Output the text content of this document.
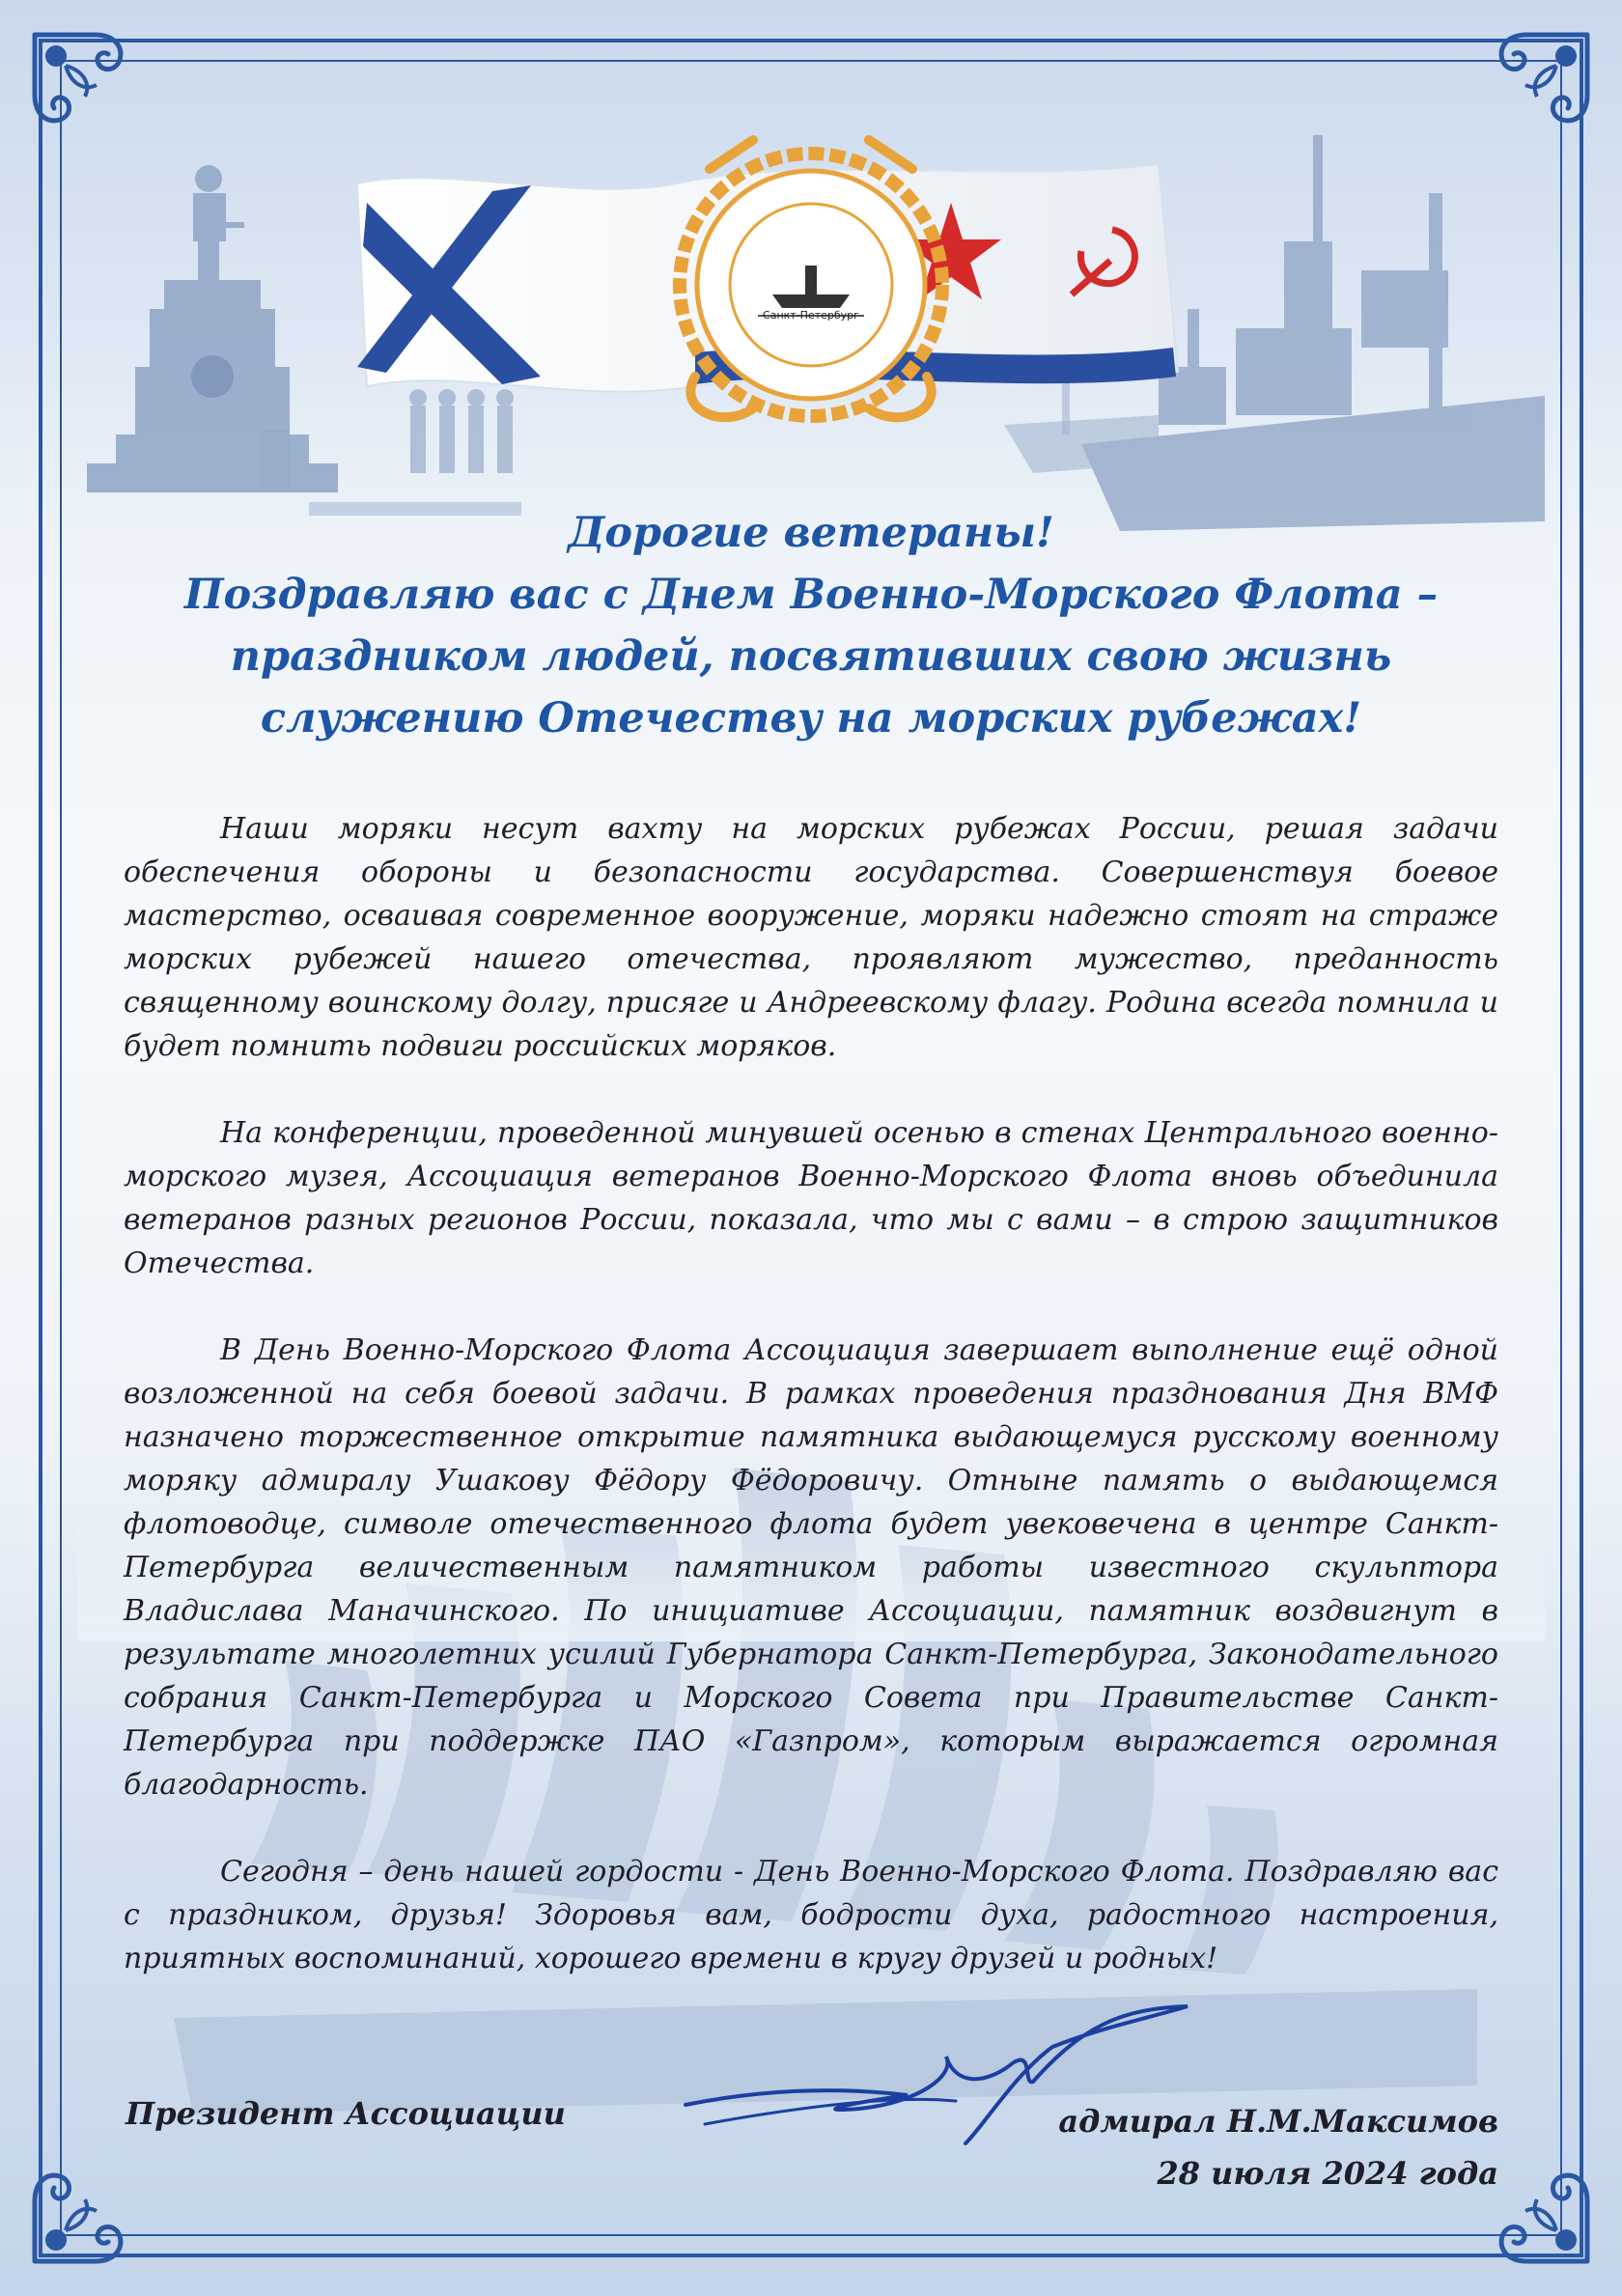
Санкт-Петербург
Дорогие ветераны!
Поздравляю вас с Днем Военно-Морского Флота –
праздником людей, посвятивших свою жизнь
служению Отечеству на морских рубежах!

Наши моряки несут вахту на морских рубежах России, решая задачи обеспечения обороны и безопасности государства. Совершенствуя боевое мастерство, осваивая современное вооружение, моряки надежно стоят на страже морских рубежей нашего отечества, проявляют мужество, преданность священному воинскому долгу, присяге и Андреевскому флагу. Родина всегда помнила и будет помнить подвиги российских моряков.

На конференции, проведенной минувшей осенью в стенах Центрального военно-морского музея, Ассоциация ветеранов Военно-Морского Флота вновь объединила ветеранов разных регионов России, показала, что мы с вами – в строю защитников Отечества.

В День Военно-Морского Флота Ассоциация завершает выполнение ещё одной возложенной на себя боевой задачи. В рамках проведения празднования Дня ВМФ назначено торжественное открытие памятника выдающемуся русскому военному моряку адмиралу Ушакову Фёдору Фёдоровичу. Отныне память о выдающемся флотоводце, символе отечественного флота будет увековечена в центре Санкт-Петербурга величественным памятником работы известного скульптора Владислава Маначинского. По инициативе Ассоциации, памятник воздвигнут в результате многолетних усилий Губернатора Санкт-Петербурга, Законодательного собрания Санкт-Петербурга и Морского Совета при Правительстве Санкт-Петербурга при поддержке ПАО «Газпром», которым выражается огромная благодарность.

Сегодня – день нашей гордости - День Военно-Морского Флота. Поздравляю вас с праздником, друзья! Здоровья вам, бодрости духа, радостного настроения, приятных воспоминаний, хорошего времени в кругу друзей и родных!

Президент Ассоциации	адмирал Н.М.Максимов
28 июля 2024 года
